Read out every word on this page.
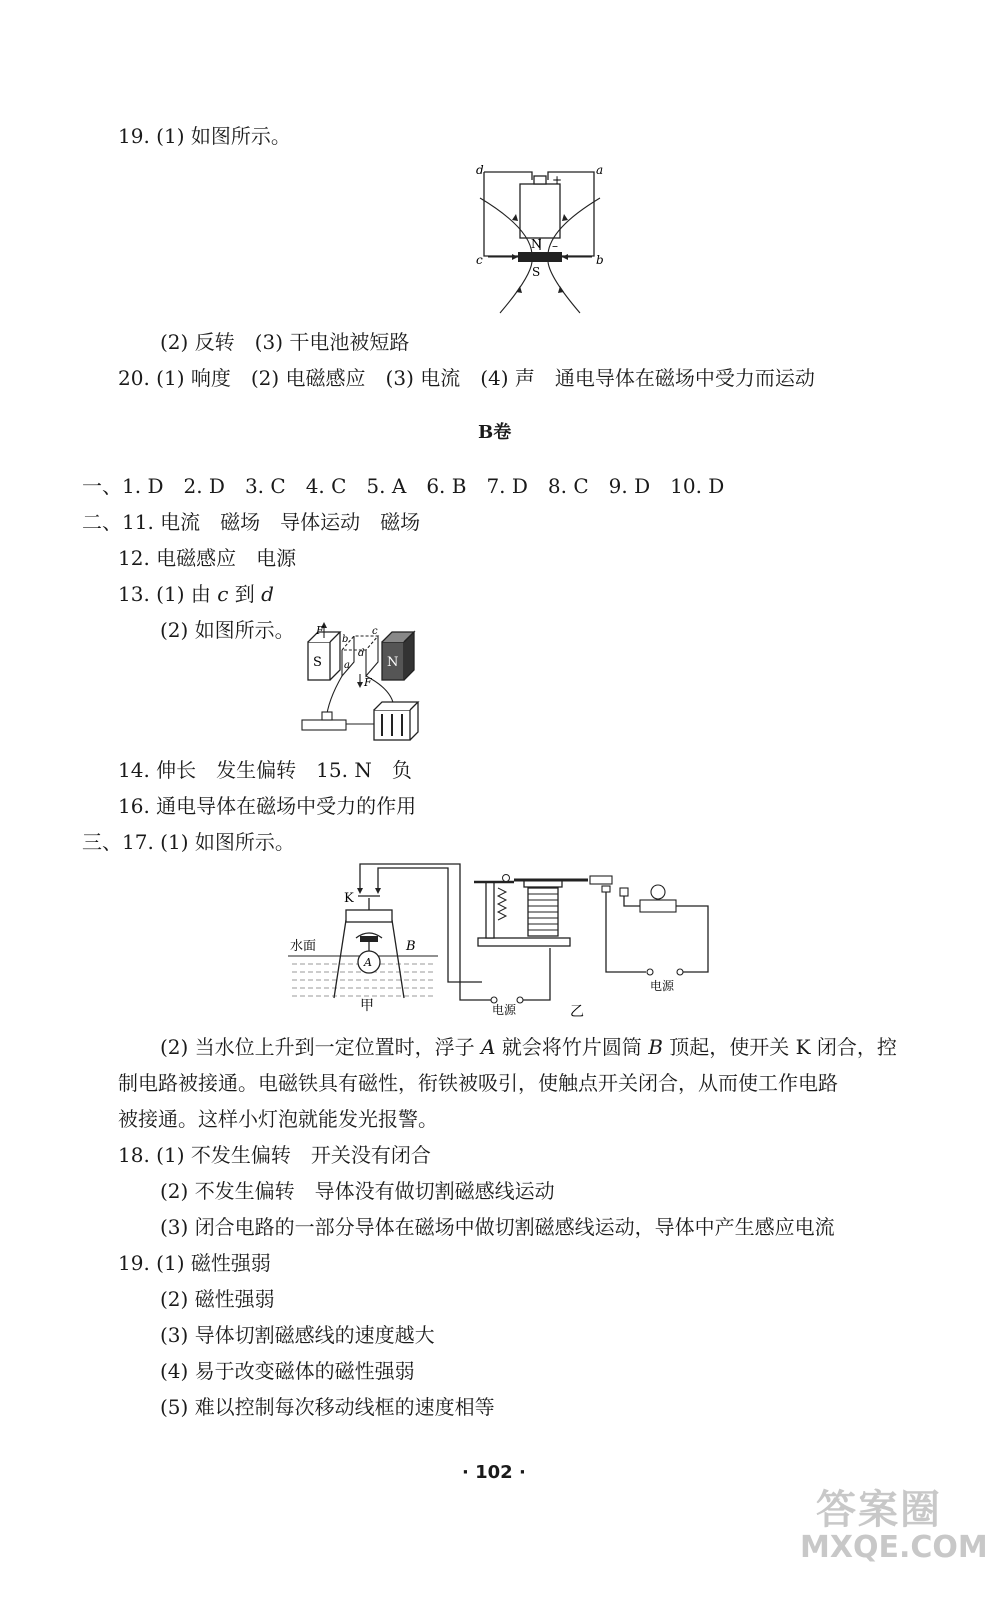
19. (1) 如图所示。
d	a
c	b
+
–
N
S
(2) 反转　(3) 干电池被短路
20. (1) 响度　(2) 电磁感应　(3) 电流　(4) 声　通电导体在磁场中受力而运动
B卷
一、1. D　2. D　3. C　4. C　5. A　6. B　7. D　8. C　9. D　10. D
二、11. 电流　磁场　导体运动　磁场
12. 电磁感应　电源
13. (1) 由 c 到 d
(2) 如图所示。 F
S	N
a
b
c
d
F
14. 伸长　发生偏转　15. N　负
16. 通电导体在磁场中受力的作用
三、17. (1) 如图所示。
K
水面
A
B
甲	电源	乙
电源
(2) 当水位上升到一定位置时，浮子 A 就会将竹片圆筒 B 顶起，使开关 K 闭合，控
制电路被接通。电磁铁具有磁性，衔铁被吸引，使触点开关闭合，从而使工作电路
被接通。这样小灯泡就能发光报警。
18. (1) 不发生偏转　开关没有闭合
(2) 不发生偏转　导体没有做切割磁感线运动
(3) 闭合电路的一部分导体在磁场中做切割磁感线运动，导体中产生感应电流
19. (1) 磁性强弱
(2) 磁性强弱
(3) 导体切割磁感线的速度越大
(4) 易于改变磁体的磁性强弱
(5) 难以控制每次移动线框的速度相等
· 102 ·
答案圈
MXQE.COM
